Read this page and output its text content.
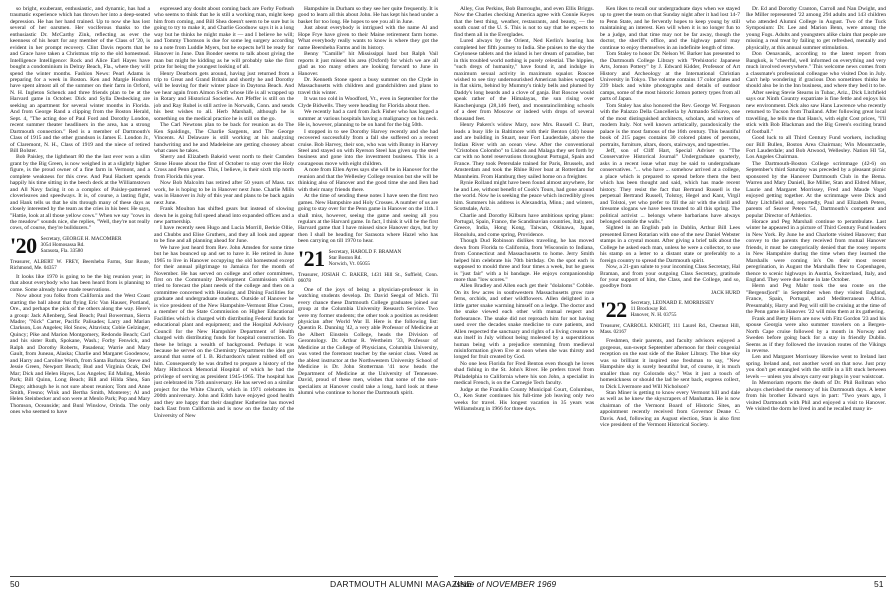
so bright, exuberant, enthusiastic, and dynamic, has had a traumatic experience which has thrown her into a deep-seated depression. He has her hand trained. Up to now she has lost several of her oarsmen. Her vociferous thanks to the enthusiastic Dr. McCarthy Zink, reflecting as ever the keenness of his heart for any member of the Class of '20, is evident in her prompt recovery. Clint Davis reports that he and Grace have taken a Christmas trip to the old homestead. Intelligence Intelligence: Rock and Alice Earl Hayes have bought a condominium in Delray Beach, Fla., where they will spend the winter months. Fashion News: Pearl Adams is preparing for a week in Boston. Ken and Margie Houlton have spent almost all of the summer on their farm in Orford, N. H. Ingleton Schenck and three friends plan to be at the Harvard game in October. Dick and Sylla Desbecking are seeking an apartment for several winter months in Florida. And from George Rand a clipping from the Boston Herald, Sept. 4, "The acting doe of Paul Ford and Dorothy London, recent summer theater headliners in the area, has a strong Dartmouth connection." Red is a member of Dartmouth's Class of 1915 and the other grandson is James E. London Jr., of Claremont, N. H., Class of 1919 and the niece of retired Bill Bolster.

Bob Paisley, the lightheart 80 the the last ever won a slim grant by the Big Green, is now weighed in at a slightly higher figure, is the proud owner of a fine farm in Vermont, and a complete weakness for this crew. And Paul Hackett spends happily his time sitting in the beech deck at the Williamstown and All Navy facing it on a complex of Paisley-patterned cloverleaves and speedways. It is, of course, a lasting fight, and Hank tells us that he sits through many of these days as closely interested by the team as the cries in his beer. He says, "Hattie, look at all those yellow cows." When we say "cows in the meadow" sounds nice, she replies, "Well, they're not really cows, of course, they're bulldozers."

'20 Secretary, GEORGE H. MACOMBER
3054 Homosassa Rd.
Sarasota, Fla. 33580
Treasurer, ALBERT W. FREY, Beersheba Farms, Star Route, Richmond, Me. 04357

It looks like 1970 is going to be the big reunion year; in that about everybody who has been heard from is planning to come. Some already have made reservations.

Now about you folks from California and the West Coast starting the ball about that flying Eric Van Hauser, Portland, Ore., and perhaps the pick of the others along the way. Here's a group: Jack Allenberg, Seal Beach; Paul Bowerman, Sierra Madre; "Nick" Carter, Pacific Palisades; Larry and Marian Clarkson, Los Angeles; Hol Snow, Altavista; Cobie Gelzinger, Quincy; Pike and Marion Montgomery, Redondo Beach; Carl and his sister Ruth, Spokane, Wash.; Forby Fenwick, and Ralph and Dorothy Roberts, Pasadena; Warrie and Mary Gault, from Juneau, Alaska; Charlie and Margaret Goodenow, and Harry and Caroline Worth, from Santa Barbara; Steve and Jessie Green, Newport Beach; Bud and Virginia Ocak, Del Mar; Dick and Helen Hayes, Los Angeles; Ed Maling, Menlo Park; Bill Quinn, Long Beach; Bill and Hilda Shea, San Diego; although he is not sure about reunion; Tom and Anne Smith, Fresno; Wink and Bertha Smith, Monterey; Al and Helen Steinbecker and son were at Menlo Park; Pop and Mary Thomson, Oceanside; and Bunl Winslow, Orinda. The only ones who seemed to have

expressed any doubt about coming back are Forby Forbush who seems to think that he is still a working man, might keep him from coming, and Bill Shea doesn't seem to be sure but is going to try to make it, and Charlie Goodnow says it is a long way but he thinks he might make it — and I believe he will; and Tommy Thomson is due for some leg surgery according to a note from Luddie Myers, but he expects he'll be ready for Hanover in June. Dan Bonder seems to talk about giving the man but might be kidding as he will probably take the first prize for being the youngest looking of all.

Henry Dearborn gets around, having just returned from a trip to Great and Grand Britain and shortly he and Dorothy will be leaving for their winter place in Daytona Beach. And we hear again from Almon Swift whose life is all wrapped up in Rotary and Historical Societies. Art Pfeffer is still on the job and Ray Rubel is still active in Norwalk, Conn. and sends his best wishes to all. Herb Marshall, although he is something on the medical practice he is still on the go.

The Carl Newtons plan to be back for reunion as do The Ken Spaldings, The Charlie Sargents, and The George Vincents. Al Delaware is still working at his analyzing handwriting and he and Madeleine are getting choosey about what cases he takes.

Sherry and Elizabeth Bakeid went north to their Camden Stone House about the first of October to stay over the Holy Cross and Penn games. This, I believe, is their sixth trip north from Florida this year.

Now Bob Malcolm has retired after 50 years of Mass. tax work, he is hoping to be in Hanover next June. Charlie Mills was in Hanover in July of this year and plans to be back again next June.

Frank Moulton has shifted gears but instead of slowing down he is going full speed ahead into expanded offices and a new partnership.

I have recently seen Hugo and Lucia Morrill, Berkie Ollie, and Chubbs and Elise Gruthers, and they all look and appear to be fine and all planning ahead for June.

We have just heard from Rev. John Amsden for some time but he has bounced up and set to have it. He retired in June 1965 to live in Hanover occupying the old homestead except for their annual pilgrimage to Jamaica for the month of November. He has served on college and other committees, first on the Community Development Commission which tried to forecast the plant needs of the college and then on a committee concerned with Housing and Dining Facilities for graduate and undergraduate students. Outside of Hanover he is vice president of the New Hampshire-Vermont Blue Cross, a member of the State Commission on Higher Educational Facilities which is charged with distributing Federal funds for educational plant and equipment; and the Hospital Advisory Council for the New Hampshire Department of Health charged with distributing funds for hospital construction. To these he brings a wealth of background. Perhaps it was because he served on the Chemistry Department the idea got around that some of I. B. Richardson's talent rubbed off on him. Consequently he was drafted to prepare a history of the Mary Hitchcock Memorial Hospital of which he had the privilege of serving as president 1945-1965. The hospital has just celebrated its 75th anniversary. He has served on a similar project for the White Church, which in 1971 celebrates its 200th anniversary. John and Edith have enjoyed good health and they are happy that their daughter Katherine has moved back East from California and is now on the faculty of the University of New

Hampshire in Durham so they see her quite frequently. It is good to learn all this about John. He has kept his head under a basket for too long. He hopes to see you all in June.

Just about everybody is intrigued with the name Al and Hope Frye have given to their Maine retirement farm home. What everybody really wants to know is where they got the name Beersheba Farms and its history.

Benny "Camille" hit Mississippi hard but Ralph Vail reports it just missed his area (Oxford) for which we are all glad as too many others are looking forward to June in Hanover.

Dr. Kenneth Stone spent a busy summer on the Clyde in Massachusetts with children and grandchildren and plans to travel this winter.

It was too cold in Woodford, Vt., even in September for the Clyde Bidwells. They were heading for Florida about then.

We recently had a card from Jack Fisher who has logged a summer at various hospitals having a malignancy on his neck. He is, however, planning to be on hand for the big 50th.

I stopped in to see Dorothy Harvey recently and she had recovered successfully from a fall she suffered on a recent cruise. Bob Harvey, their son, who was with Bunny in Harvey Steel and stayed on with Ryerson Steel has given up the steel business and gone into the investment business. This is a courageous move with eight children.

A note from Ellen Ayres says she will be in Hanover for the reunion and that the Wellesley College reunion but she will be thinking also of Hanover and the good time she and Ben had with their many friends there.

At the time of sending these notes I have seen the first two games. New Hampshire and Holy Crosses. A number of us are going to stay over for the Penn game in Hanover on the 11th. I shall miss, however, seeing the game and seeing all you regulars at the Harvard game. In fact, I think it will be the first Harvard game that I have missed since Hanover days, but by then I shall be heading for Sarasota where Hazel who has been carrying on till 1970 to hear.

'21 Secretary, HAROLD F. BRAMAN
Star Boston Rd.
Norwich, Vt. 05055
Treasurer, JOSIAH C. BAKER, 1431 Hill St., Suffield, Conn. 06078

One of the joys of being a physician-professor is in watching students develop. Dr. David Seegal of Mich. Til every chance these Dartmouth College graduates joined our group at the Columbia University Research Service. Two were my former students; the other took a position as resident physician after World War II. Here is the following list: Quentin R. Dunning '42, a very able Professor of Medicine at the Albert Einstein College, heads the Division of Gerontology. Dr. Arthur R. Wertheim '33, Professor of Medicine at the College of Physicians, Columbia University, was voted the foremost teacher by the senior class. Voted as the ablest instructor at the Northwestern University School of Medicine is Dr. John Stotterman '41 now heads the Department of Medicine at the University of Tennessee. David, proud of these men, wishes that some of the non-specialists at Hanover could take a long, hard look at these alumni who continue to honor the Dartmouth spirit.

Alley, Gus Perkins, Bob Burroughs, and even Ellis Briggs. Now the Charles checking America agree with Connie Keyes that the best thing, weather, restaurants, and beauty, — the south coast of the U. S. This is not to say that he expects to find them all in the Everglades.

Lured always by the Orient, Ned Kerlin's hearing has completed her fifth journey to India. She praises to the sky the Ceylonese tablets and the island is her dream of paradise, but in this troubled world nothing is purely celestial. The hippies, "such dregs of humanity," have found it, and indulge in maximum sexual activity in maximum squalor. Roscoe wished to see tiny undernourished American babies wrapped in flat skirts, behind by Mummy's tinkly bells and plumed by Daddy's long beards and a clove of ganja. But Roscoe would speak rather of the Himalayas, the sun rising over Kanchenjunga (28,146 feet), and mountainclimbing schools of a deer from Moscow or indeed with drops of several thousand feet.

Henry Pakers's widow Mary, now Mrs. Russell C. Burt, leads a busy life in Baltimore with their Benton (44) house and are building in Stuart, near Fort Lauderdale, above the Indian River with an ocean view. After the conventional "Cristobon Colombo" to Lisbon and Malaga they set forth by car with no hotel reservations throughout Portugal, Spain and France. They took Petersdale trained for Paris, Brussels, and Amsterdam and took the Rhine River boat at Rotterdam for Mannheim. From Hamburg they sailed home on a freighter.

Rynie Rolland might have been found almost anywhere, for he and Lee, without benefit of Cook's Tours, had gone around the world. Now he is seeking the peace which incredibly gives him. Summers his address is Alexandria, Minn.; and winters, Scottsdale, Ariz.

Charlie and Dorothy Kilburn have ambitious spring plans: Portugal, Spain, France, the Scandinavian countries, Italy, and Greece, India, Hong Kong, Taiwan, Okinawa, Japan, Honolulu, and come spring, Providence.

Though Dud Robinson dislikes traveling, he has moved down from Florida to California, from Wisconsin to Indiana, from Connecticut and Massachusetts to home. Jerry Smith helped him celebrate his 70th birthday. On the spot each is supposed to mould three and four times a week, but he guess is "just fair" with a bi bandage. He enjoys companionship more than "low scores."

Allen Bradley and Allen each get their "dolaloms" Cobble. On its few acres in southwestern Massachusetts grow rare ferns, orchids, and other wildflowers. Allen delighted in a little garter snake warming himself on a ledge. The doctor and the snake viewed each other with mutual respect and forbearance. The snake did not reproach him for not having used over the decades snake medicine to cure patients, and Allen respected the sanctuary and rights of a living creature to sun itself in July without being molested by a superstitious human being with a prejudice stemming from medieval misinformation given Eve at noon when she was thirsty and longed for fruit created by God.

No one less Florida for Fred Benton even though he loves shad fishing in the St. John's River. He prefers travel from Philadelphia to California where his son John, a specialist in medical French, is on the Carnegie Tech faculty.

Judge at the Franklin County Municipal Court, Columbus, O., Ken Suter continues his full-time job leaving only two weeks for travel. His longest vacation in 35 years was Williamsburg in 1966 for three days.

Ken likes to recall our undergraduate days when we stayed up to greet the team on that Sunday night after it had lost 14-7 to Penn State, and he fervently hopes to keep young by still maintaining an interest. Ken will when it is no longer fun to be a judge, and that time may not be far away, though the doctor, the sheriff's office, and the highway patrol may continue to enjoy themselves in an indefinite length of time.

Tom Staley to honor Dr. Nelson W. Barker has presented to the Dartmouth College Library with "Prehistoric Japanese Arts, Jomon Pottery" by J. Edward Kidder, Professor of Art History and Archeology at the International Christian University in Tokyo. The volume contains 17 color plates and 239 black and white photographs and details of outdoor camps, some of the most historic Jomon pottery types from all parts of Japan.

Tom Staley has also honored the Rev. George W. Ferguson with the Palazzo Della Cancelleria by Armando Schiavo, one of the most distinguished architects, scholars, and writers of modern Italy. Not well known artistically, paradoxically the palace is the most famous of the 16th century. This beautiful book of 215 pages contains 30 colored plates of persons, portraits, furniture, altars, doors, stairways, and tapestries.

Jeff, son of Cliff Hart, Special Adviser to "The Conservative Historical Journal" Undergraduate quarterly, asks in a recent issue what may be said to undergraduate conservatives. "... who have ... somehow arrived at a college, a place which is prepared to spread before them the best which has been thought and said, which has made recent history. They resist the fact that Bertrand Russell is the perpetual Bertrand Russell, Tolstoy, Hegel and Kant, Virgil and Tolstoi, yet who prefer to fill the air with the shrill and tiresome slogans we have been treated to all this spring. The political activist ... belongs where barbarians have always belonged outside the walls."

Sighted in an English pub in Dublin, Arthur Bill Lees presented Ernest Rotarian with one of the new Daniel Webster stamps in a crystal mount. After giving a brief talk about the College he asked each man, unless he were a collector, to use his stamp on a letter to a distant state or preferably to a foreign country to spread the Dartmouth spirit.

Now, a 21-gun salute to your incoming Class Secretary, Hal Braman, and from your outgoing Class Secretary, gratitude for your support of him, the Class, and the College, and so, goodbye from

JACK HURD
'22 Secretary, LEONARD E. MORRISSEY
11 Brockway Rd.
Hanover, N. H. 03755
Treasurer, CARROLL KNIGHT, 111 Laurel Rd., Chestnut Hill, Mass. 02167

Freshmen, their parents, and faculty advisors enjoyed a gorgeous, sun-swept September afternoon for their congenial reception on the east side of the Baker Library. The blue sky was so brilliant it inspired one freshman to say, "New Hampshire sky is surely beautiful but, of course, it is much smaller than my Colorado sky." Was it just a touch of homesickness or should the lad be sent back, express collect, to Dick Livermore and Will Nicholson?

Stan Miner is getting to know every Vermont hill and dale as well as he knew the skyscrapers of Manhattan. He is now chairman of the Vermont Board of Historic Sites, an appointment recently received from Governor Deane C. Davis. And, following an August election, Stan is also first vice president of the Vermont Historical Society.

Dr. Ed and Dorothy Cranton, Carroll and Nan Dwight, and Ike Miller represented '22 among 294 adults and 143 children who attended Alumni College in August. Two of the Tuck Symposium: Dr. Lee and Marion Benn, were among the young Fogs. Adults and youngsters alike claim that people are missing a real treat by failing to get refreshed, mentally and physically, at this annual summer stimulation.

Don Oenavanik, according to the latest report from Bangkok, is "cheerful, well informed on everything and very much involved everywhere." This welcome news comes from a classmate's professional colleague who visited Don in July. Can't help wondering if gracious Don sometimes thinks he should also be in the Inn business, and where they bed it to be.

After seeing Stevie Stearns in Tubac, Ariz., Dick Litchfield says our Ninth Country expatriate is fine fettle and enjoys his new environment. Dick also saw Hans Lawrence who recently returned to Tucson from Thailand. After following great local travelling, he tells me that Hans's, with eight Cost prices, "I'll stick with Bob Blackman and the Big Green's exciting brand of football."

Good luck to all Third Century Fund workers, including our Bill Bullen, Boston Area Chairman; Win Mountcastle, Fort Lauderdale; and Bob Atwood, Wellesley. Nation HI '54, Los Angeles Chairman.

The Dartmouth-Boston College scrimmage (42-6) on September's third Saturday was preceded by a pleasant picnic sponsored by the Hanover Dartmouth Club in the Bema. Warren and Mary Daniell, Ike Miller, Stan and Eldred Miner, Laurie and Margaret Morrissey, Fred and Maude Vogel enjoyed getting together. At the scrimmage were Dick and Mary Litchfield and, reportedly, Paul and Elizabeth Peters, parents of Seaver Peters '54, Dartmouth's competent and popular Director of Athletics.

Horace and Peg Marshall continue to perambulate. Last winter he appeared in a picture of Third Century Fund leaders in New York. By June he and Charlotte visited Hanover; that convey to the parents they received from mutual Hanover friends, it must be categorically denied that the rosey reports in New Hampshire during the time when they learned the Marshalls were coming in's On their most recent peregrination, in August the Marshalls flew to Copenhagen, thence to scenic highways in Austria, Switzerland, Italy, and England. They were due home in late October.

Herm and Peg Mahr took the sea route on the "Bergensfjord" in September when they visited England, France, Spain, Portugal, and Mediterranean Africa. Presumably, Harry and Peg will still be cruising at the time of the Penn game in Hanover. '22 will miss them at its gathering.

Frank and Betty Horn are now with Fitz Gordon '23 and his spouse Georgia were also summer travelers on a Bergen-North Cape cruise followed by a month in Norway and Sweden before going back for a stay in friendly Dublin. Seems as if they followed the invasion routes of the Vikings in reverse.

Len and Margaret Morrissey likewise went to Ireland last spring. Ireland and, not another word on that now. Just pray you don't get entangled with the strife in a lift stuck between levels — unless you always carry ear plugs in your waistcoat.

In Memoriam reports the death of Dr. Phil Rollman who always cherished the memory of his Dartmouth days. A letter from his brother Edward says in part: "Two years ago, I visited Dartmouth with Phil and enjoyed a visit to Hanover. We visited the dorm he lived in and he recalled many in-

50	DARTMOUTH ALUMNI MAGAZINE
Issue of NOVEMBER 1969	51
